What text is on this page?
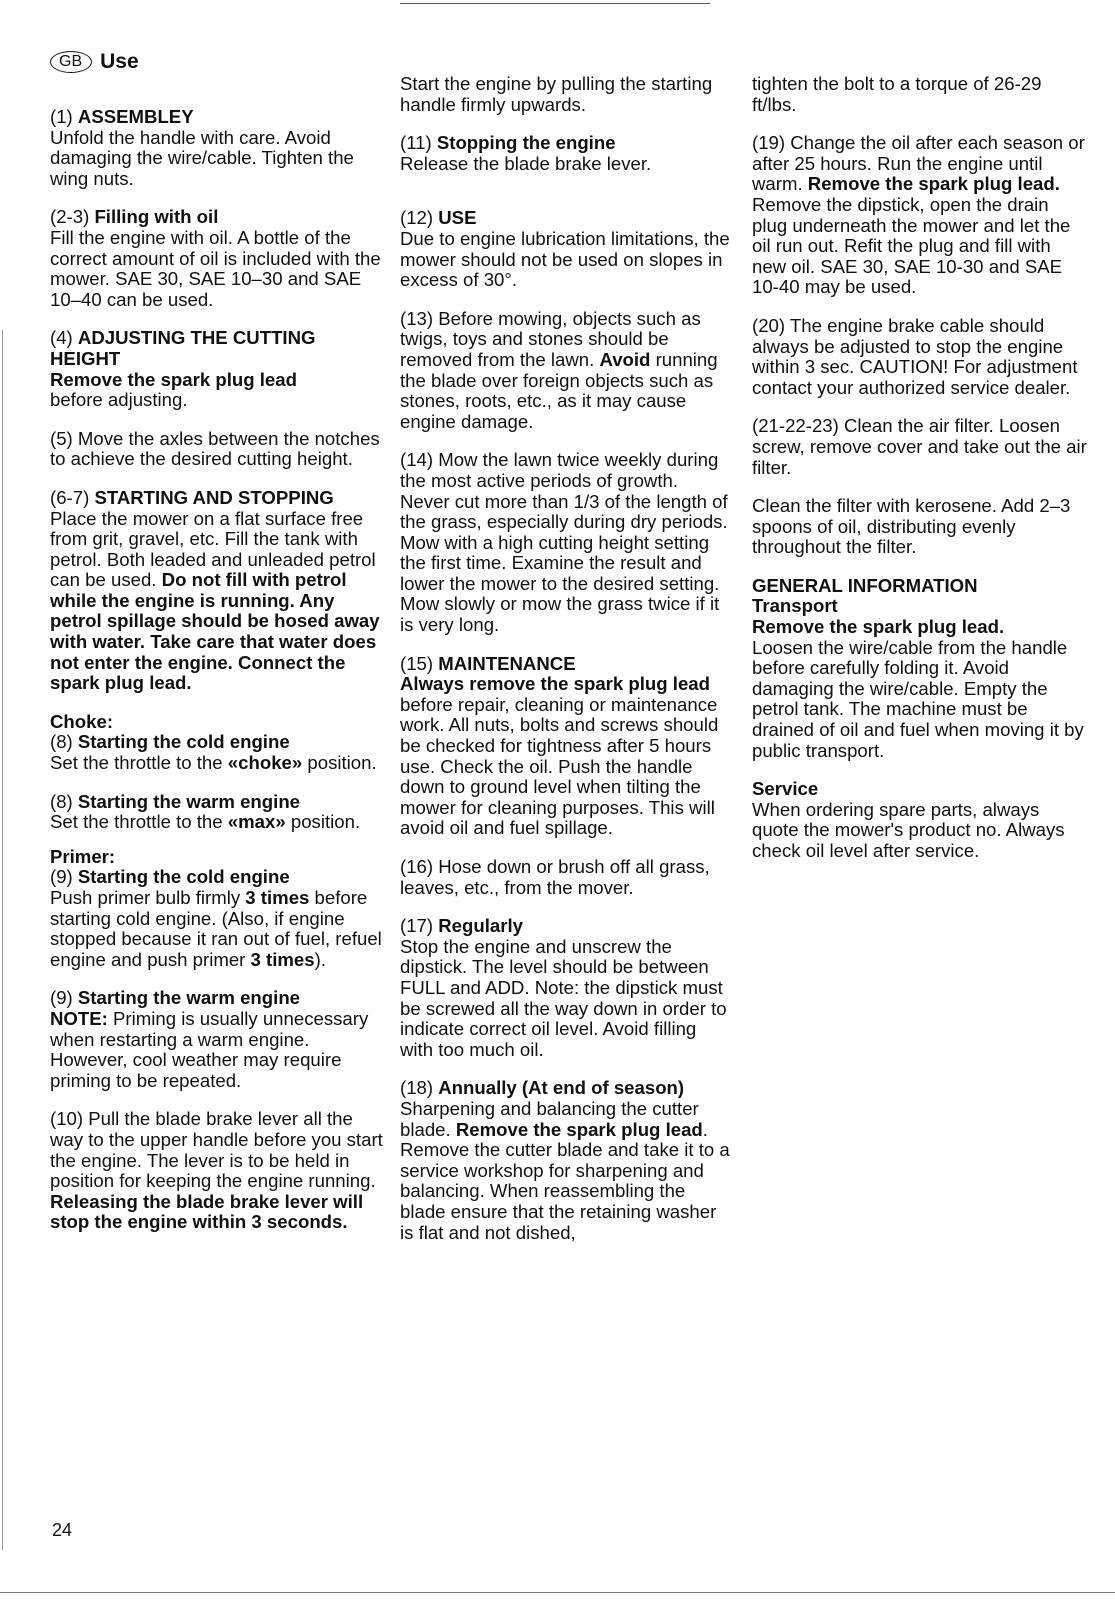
GB Use
(1) ASSEMBLEY
Unfold the handle with care. Avoid damaging the wire/cable. Tighten the wing nuts.
(2-3) Filling with oil
Fill the engine with oil. A bottle of the correct amount of oil is included with the mower. SAE 30, SAE 10–30 and SAE 10–40 can be used.
(4) ADJUSTING THE CUTTING HEIGHT
Remove the spark plug lead
before adjusting.
(5) Move the axles between the notches to achieve the desired cutting height.
(6-7) STARTING AND STOPPING
Place the mower on a flat surface free from grit, gravel, etc. Fill the tank with petrol. Both leaded and unleaded petrol can be used. Do not fill with petrol while the engine is running. Any petrol spillage should be hosed away with water. Take care that water does not enter the engine. Connect the spark plug lead.
Choke:
(8) Starting the cold engine
Set the throttle to the «choke» position.
(8) Starting the warm engine
Set the throttle to the «max» position.
Primer:
(9) Starting the cold engine
Push primer bulb firmly 3 times before starting cold engine. (Also, if engine stopped because it ran out of fuel, refuel engine and push primer 3 times).
(9) Starting the warm engine
NOTE: Priming is usually unnecessary when restarting a warm engine. However, cool weather may require priming to be repeated.
(10) Pull the blade brake lever all the way to the upper handle before you start the engine. The lever is to be held in position for keeping the engine running. Releasing the blade brake lever will stop the engine within 3 seconds.
Start the engine by pulling the starting handle firmly upwards.
(11) Stopping the engine
Release the blade brake lever.
(12) USE
Due to engine lubrication limitations, the mower should not be used on slopes in excess of 30°.
(13) Before mowing, objects such as twigs, toys and stones should be removed from the lawn. Avoid running the blade over foreign objects such as stones, roots, etc., as it may cause engine damage.
(14) Mow the lawn twice weekly during the most active periods of growth. Never cut more than 1/3 of the length of the grass, especially during dry periods. Mow with a high cutting height setting the first time. Examine the result and lower the mower to the desired setting. Mow slowly or mow the grass twice if it is very long.
(15) MAINTENANCE
Always remove the spark plug lead before repair, cleaning or maintenance work. All nuts, bolts and screws should be checked for tightness after 5 hours use. Check the oil. Push the handle down to ground level when tilting the mower for cleaning purposes. This will avoid oil and fuel spillage.
(16) Hose down or brush off all grass, leaves, etc., from the mover.
(17) Regularly
Stop the engine and unscrew the dipstick. The level should be between FULL and ADD. Note: the dipstick must be screwed all the way down in order to indicate correct oil level. Avoid filling with too much oil.
(18) Annually (At end of season)
Sharpening and balancing the cutter blade. Remove the spark plug lead. Remove the cutter blade and take it to a service workshop for sharpening and balancing. When reassembling the blade ensure that the retaining washer is flat and not dished,
tighten the bolt to a torque of 26-29 ft/lbs.
(19) Change the oil after each season or after 25 hours. Run the engine until warm. Remove the spark plug lead. Remove the dipstick, open the drain plug underneath the mower and let the oil run out. Refit the plug and fill with new oil. SAE 30, SAE 10-30 and SAE 10-40 may be used.
(20) The engine brake cable should always be adjusted to stop the engine within 3 sec. CAUTION! For adjustment contact your authorized service dealer.
(21-22-23) Clean the air filter. Loosen screw, remove cover and take out the air filter.
Clean the filter with kerosene. Add 2–3 spoons of oil, distributing evenly throughout the filter.
GENERAL INFORMATION
Transport
Remove the spark plug lead.
Loosen the wire/cable from the handle before carefully folding it. Avoid damaging the wire/cable. Empty the petrol tank. The machine must be drained of oil and fuel when moving it by public transport.
Service
When ordering spare parts, always quote the mower's product no. Always check oil level after service.
24
